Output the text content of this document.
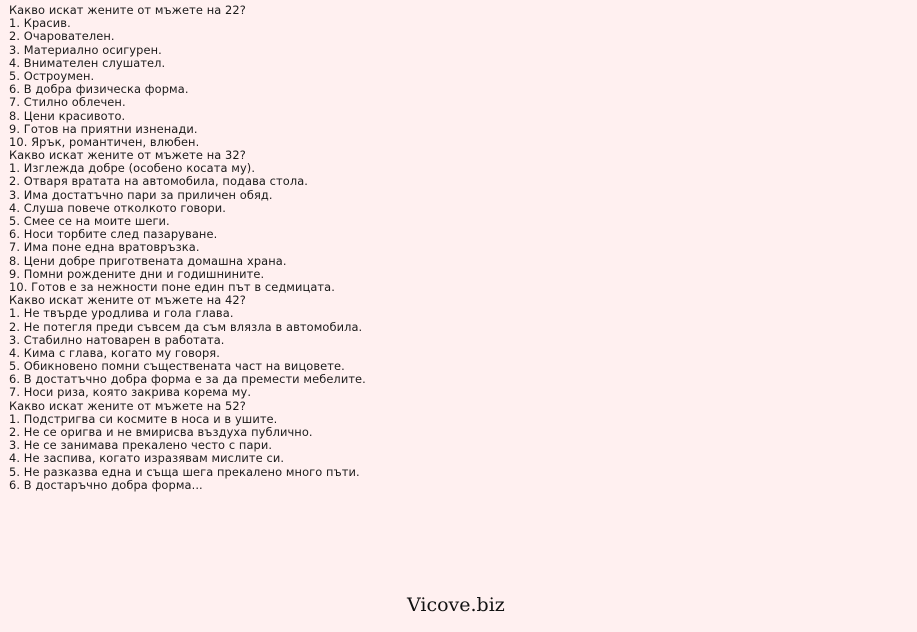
Какво искат жените от мъжете на 22?
1. Красив.
2. Очарователен.
3. Материално осигурен.
4. Внимателен слушател.
5. Остроумен.
6. В добра физическа форма.
7. Стилно облечен.
8. Цени красивото.
9. Готов на приятни изненади.
10. Ярък, романтичен, влюбен.
Какво искат жените от мъжете на 32?
1. Изглежда добре (особено косата му).
2. Отваря вратата на автомобила, подава стола.
3. Има достатъчно пари за приличен обяд.
4. Слуша повече отколкото говори.
5. Смее се на моите шеги.
6. Носи торбите след пазаруване.
7. Има поне една вратовръзка.
8. Цени добре приготвената домашна храна.
9. Помни рождените дни и годишнините.
10. Готов е за нежности поне един път в седмицата.
Какво искат жените от мъжете на 42?
1. Не твърде уродлива и гола глава.
2. Не потегля преди съвсем да съм влязла в автомобила.
3. Стабилно натоварен в работата.
4. Кима с глава, когато му говоря.
5. Обикновено помни съществената част на вицовете.
6. В достатъчно добра форма е за да премести мебелите.
7. Носи риза, която закрива корема му.
Какво искат жените от мъжете на 52?
1. Подстригва си космите в носа и в ушите.
2. Не се оригва и не вмирисва въздуха публично.
3. Не се занимава прекалено често с пари.
4. Не заспива, когато изразявам мислите си.
5. Не разказва една и съща шега прекалено много пъти.
6. В достаръчно добра форма...
Vicove.biz
